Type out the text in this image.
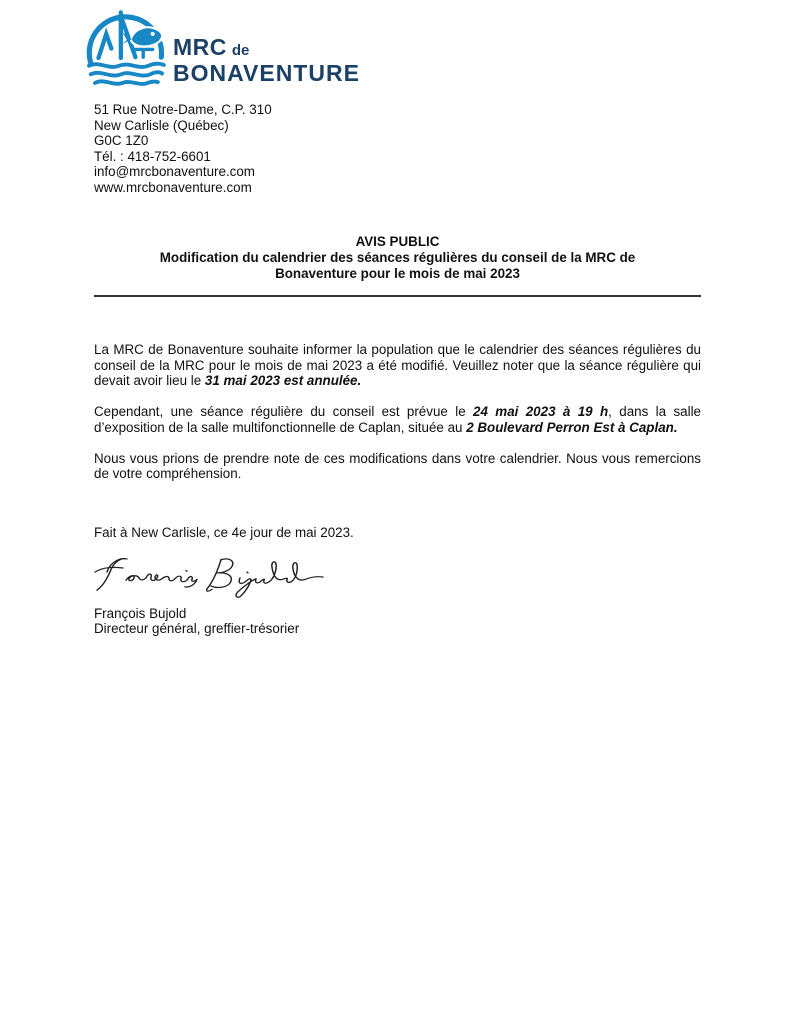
MRC de
BONAVENTURE
51 Rue Notre-Dame, C.P. 310
New Carlisle (Québec)
G0C 1Z0
Tél. : 418-752-6601
info@mrcbonaventure.com
www.mrcbonaventure.com
AVIS PUBLIC
Modification du calendrier des séances régulières du conseil de la MRC de
Bonaventure pour le mois de mai 2023

La MRC de Bonaventure souhaite informer la population que le calendrier des séances régulières du conseil de la MRC pour le mois de mai 2023 a été modifié. Veuillez noter que la séance régulière qui devait avoir lieu le 31 mai 2023 est annulée.

Cependant, une séance régulière du conseil est prévue le 24 mai 2023 à 19 h, dans la salle d’exposition de la salle multifonctionnelle de Caplan, située au 2 Boulevard Perron Est à Caplan.

Nous vous prions de prendre note de ces modifications dans votre calendrier. Nous vous remercions de votre compréhension.

Fait à New Carlisle, ce 4e jour de mai 2023.

François Bujold
Directeur général, greffier-trésorier
